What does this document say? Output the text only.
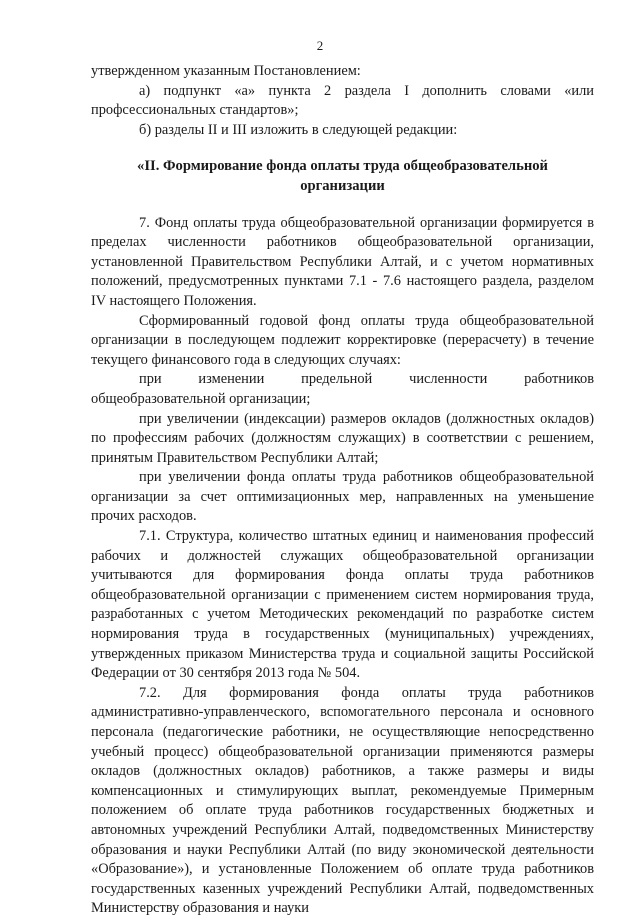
2

утвержденном указанным Постановлением:

а) подпункт «а» пункта 2 раздела I дополнить словами «или профсессиональных стандартов»;

б) разделы II и III изложить в следующей редакции:

«II. Формирование фонда оплаты труда общеобразовательной
организации

7. Фонд оплаты труда общеобразовательной организации формируется в пределах численности работников общеобразовательной организации, установленной Правительством Республики Алтай, и с учетом нормативных положений, предусмотренных пунктами 7.1 - 7.6 настоящего раздела, разделом IV настоящего Положения.

Сформированный годовой фонд оплаты труда общеобразовательной организации в последующем подлежит корректировке (перерасчету) в течение текущего финансового года в следующих случаях:

при изменении предельной численности работников общеобразовательной организации;

при увеличении (индексации) размеров окладов (должностных окладов) по профессиям рабочих (должностям служащих) в соответствии с решением, принятым Правительством Республики Алтай;

при увеличении фонда оплаты труда работников общеобразовательной организации за счет оптимизационных мер, направленных на уменьшение прочих расходов.

7.1. Структура, количество штатных единиц и наименования профессий рабочих и должностей служащих общеобразовательной организации учитываются для формирования фонда оплаты труда работников общеобразовательной организации с применением систем нормирования труда, разработанных с учетом Методических рекомендаций по разработке систем нормирования труда в государственных (муниципальных) учреждениях, утвержденных приказом Министерства труда и социальной защиты Российской Федерации от 30 сентября 2013 года № 504.

7.2. Для формирования фонда оплаты труда работников административно-управленческого, вспомогательного персонала и основного персонала (педагогические работники, не осуществляющие непосредственно учебный процесс) общеобразовательной организации применяются размеры окладов (должностных окладов) работников, а также размеры и виды компенсационных и стимулирующих выплат, рекомендуемые Примерным положением об оплате труда работников государственных бюджетных и автономных учреждений Республики Алтай, подведомственных Министерству образования и науки Республики Алтай (по виду экономической деятельности «Образование»), и установленные Положением об оплате труда работников государственных казенных учреждений Республики Алтай, подведомственных Министерству образования и науки
